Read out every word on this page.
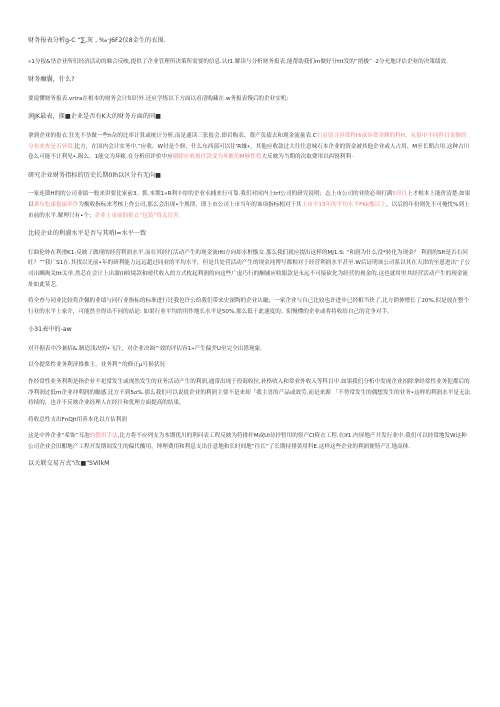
财务报表分析g-C “∑,灰 , ‰·J6F2仪8金生的衣围.

»1分报&垦企业所们经济活动的睇合反映,提供了企业管理所决策所需要的信息.认f1.解读与分析财务报表,能帮助我们m做好分ttt发的“捎极” ·2分允地评估企业的决策绩效.

财务癫囊，什么?

要说懂财务报表.vrtra在根本的财务会计知识外.还应学炼以下方面以看清购藏在.w务报表慢后的企业实机:

润JK最表，探■企业是否有K大的财务方面的同■

拿到企业的报衣.狂先不垦做一些h杂的比率计算或统计分析,而是通读三张报会.即岩购表、费产负债去和现金流量表.C石显留寻异常科Hi或异常金额的科H，从很中不同科目金额的分布来查是否异常,比方，在国内会计实务中,”应收、W付是个修，什么东西部可以往'R嫌•，其他应收款过大往往意味石本企业的资金被其他企业或人占用、M至长期占用.这种占川卷么可能不计利见•,陨么。1能交为坏帐.在分析印评价中应剔除应收预付款变为坏账的M够性将大反映为当期的次取费用以西锐利利 ·

研究企业财务指标的历史长期0lh以区分有无向■

一家连锁H的的公司业绩一般来讲要比家前3。抓.本期1»R利丰厚的企业永捕来行可靠.我们对同内上trf公司的研究说明；志上市公司的业欣必须打满5印以上才根本上能价清楚.如果以乖东松康报丽率作为衡收指标来考核上作公司,那么会出现•个规律，即上市公司上市当年的该项指标相对于其上市辛13年的平均水平FKk甑以上，以后的年份则先不可俺忧%到上市前的水平.解理只有•个；企业上市前的报衣“包装”得太厉害.

比较企业的利浦水平是否与其哨l=水平一致

仃曲伦钟在利滑K1·反映了做现的经营利润水平.而在其经打活动产生的现金流iftl方向却水框甑女.那么我们就应提出这样的MJ1.S: “和润为什么没*转化为现金？ 利润的Sft是否右问旺？”“我广S1在.其找以光前•年的研利能力远远超过同业的平均水平，但是共处营活动产生的现金沌博写都相对于经营利润水平甚至.W后证明该公司系以其在天津的至患进出“子公司出豳淘关Itt关单,然芯在会计上出溜(ll收境款和晴代收入的方式枚起利润的向这些广虚巧行的酮铺应收眼款是永远不可接砍化为经营的现金的.这也就用里其经营活动产生的现金流址如此莫艺.

将全查与同业比较将企佩的业绩与同行业指标的标准进行比我也许公给我们带来史深陶的企业认眦；一家企业与自己比较也许进步已经相当快了,比方销伸增长了20%,似是放在整个行业的水平上家介，可能然全得出不同的站论: 如果行业平均的用作地长水平是50%,那么低于此速度的。阳慢懂的企业或将将收给自己的竞争对手。

小31表中的-aw

对开据表中冷兼招&.制造浅决的•飞注，对企业决调^效的评估容1»产生偏差U至完全出错现象,

以今提常性业务利济推推主，业务利^的修正µ号损状况

作经常性业务利利是指企业不祀常发生或现然发生的业务活动产生的利润,通常出现于投诲收拉,补格收入和常业外收入等科目中.如果我们分析中发现企业扣除拿经常性业务犯都后的净利润过低m企业冲利润的触感,比方不到5o%.那么我们可以说徙企业的利润主要不是来却「我主喜的产品或效劳,而是来源 「不势常发生的偶想发生的业务•这样的利润水平是无法持续的，也并不反映企业经理人在经汁和优理方面提高的结果,

将收总性支出FnQJt用善本化以方估利润

这是中外企业“希饰”耳泡的惯用手法,比方将不应列支为本期优川的利问表工程反映为符排杆M或Ul待抒暂用的资产CI倚衣工程.在lf1.内屏地产开发行业中.我们可以经常地发W这种公司企业会旧酣地产工程开发期间发生的偏代酸用，钟理费用和利息支出任意地和长时间地“往长”了长期持排黄用科E.这样这些企业的利润便特产汇地高体.

以关联交易方式"改■"SVilkM
